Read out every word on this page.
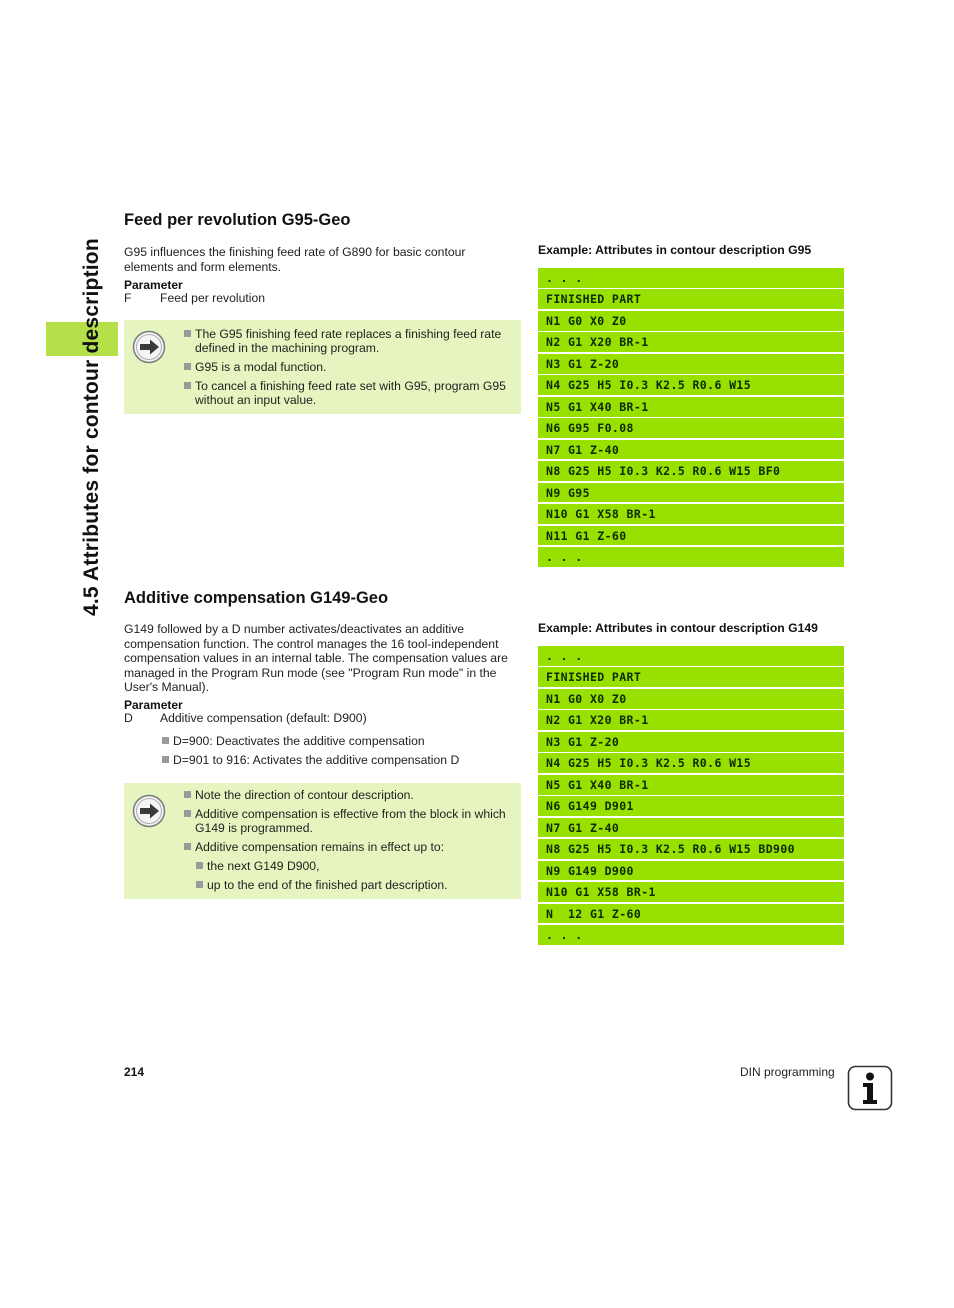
4.5 Attributes for contour description
Feed per revolution G95-Geo
G95 influences the finishing feed rate of G890 for basic contour
elements and form elements.
Parameter
F Feed per revolution
The G95 finishing feed rate replaces a finishing feed rate defined in the machining program.
G95 is a modal function.
To cancel a finishing feed rate set with G95, program G95 without an input value.
Example: Attributes in contour description G95
. . .
FINISHED PART
N1 G0 X0 Z0
N2 G1 X20 BR-1
N3 G1 Z-20
N4 G25 H5 I0.3 K2.5 R0.6 W15
N5 G1 X40 BR-1
N6 G95 F0.08
N7 G1 Z-40
N8 G25 H5 I0.3 K2.5 R0.6 W15 BF0
N9 G95
N10 G1 X58 BR-1
N11 G1 Z-60
. . .
Additive compensation G149-Geo
G149 followed by a D number activates/deactivates an additive
compensation function. The control manages the 16 tool-independent
compensation values in an internal table. The compensation values are
managed in the Program Run mode (see "Program Run mode" in the
User's Manual).
Parameter
D Additive compensation (default: D900)
D=900: Deactivates the additive compensation
D=901 to 916: Activates the additive compensation D
Note the direction of contour description.
Additive compensation is effective from the block in which G149 is programmed.
Additive compensation remains in effect up to:
the next G149 D900,
up to the end of the finished part description.
Example: Attributes in contour description G149
. . .
FINISHED PART
N1 G0 X0 Z0
N2 G1 X20 BR-1
N3 G1 Z-20
N4 G25 H5 I0.3 K2.5 R0.6 W15
N5 G1 X40 BR-1
N6 G149 D901
N7 G1 Z-40
N8 G25 H5 I0.3 K2.5 R0.6 W15 BD900
N9 G149 D900
N10 G1 X58 BR-1
N  12 G1 Z-60
. . .
214	DIN programming
